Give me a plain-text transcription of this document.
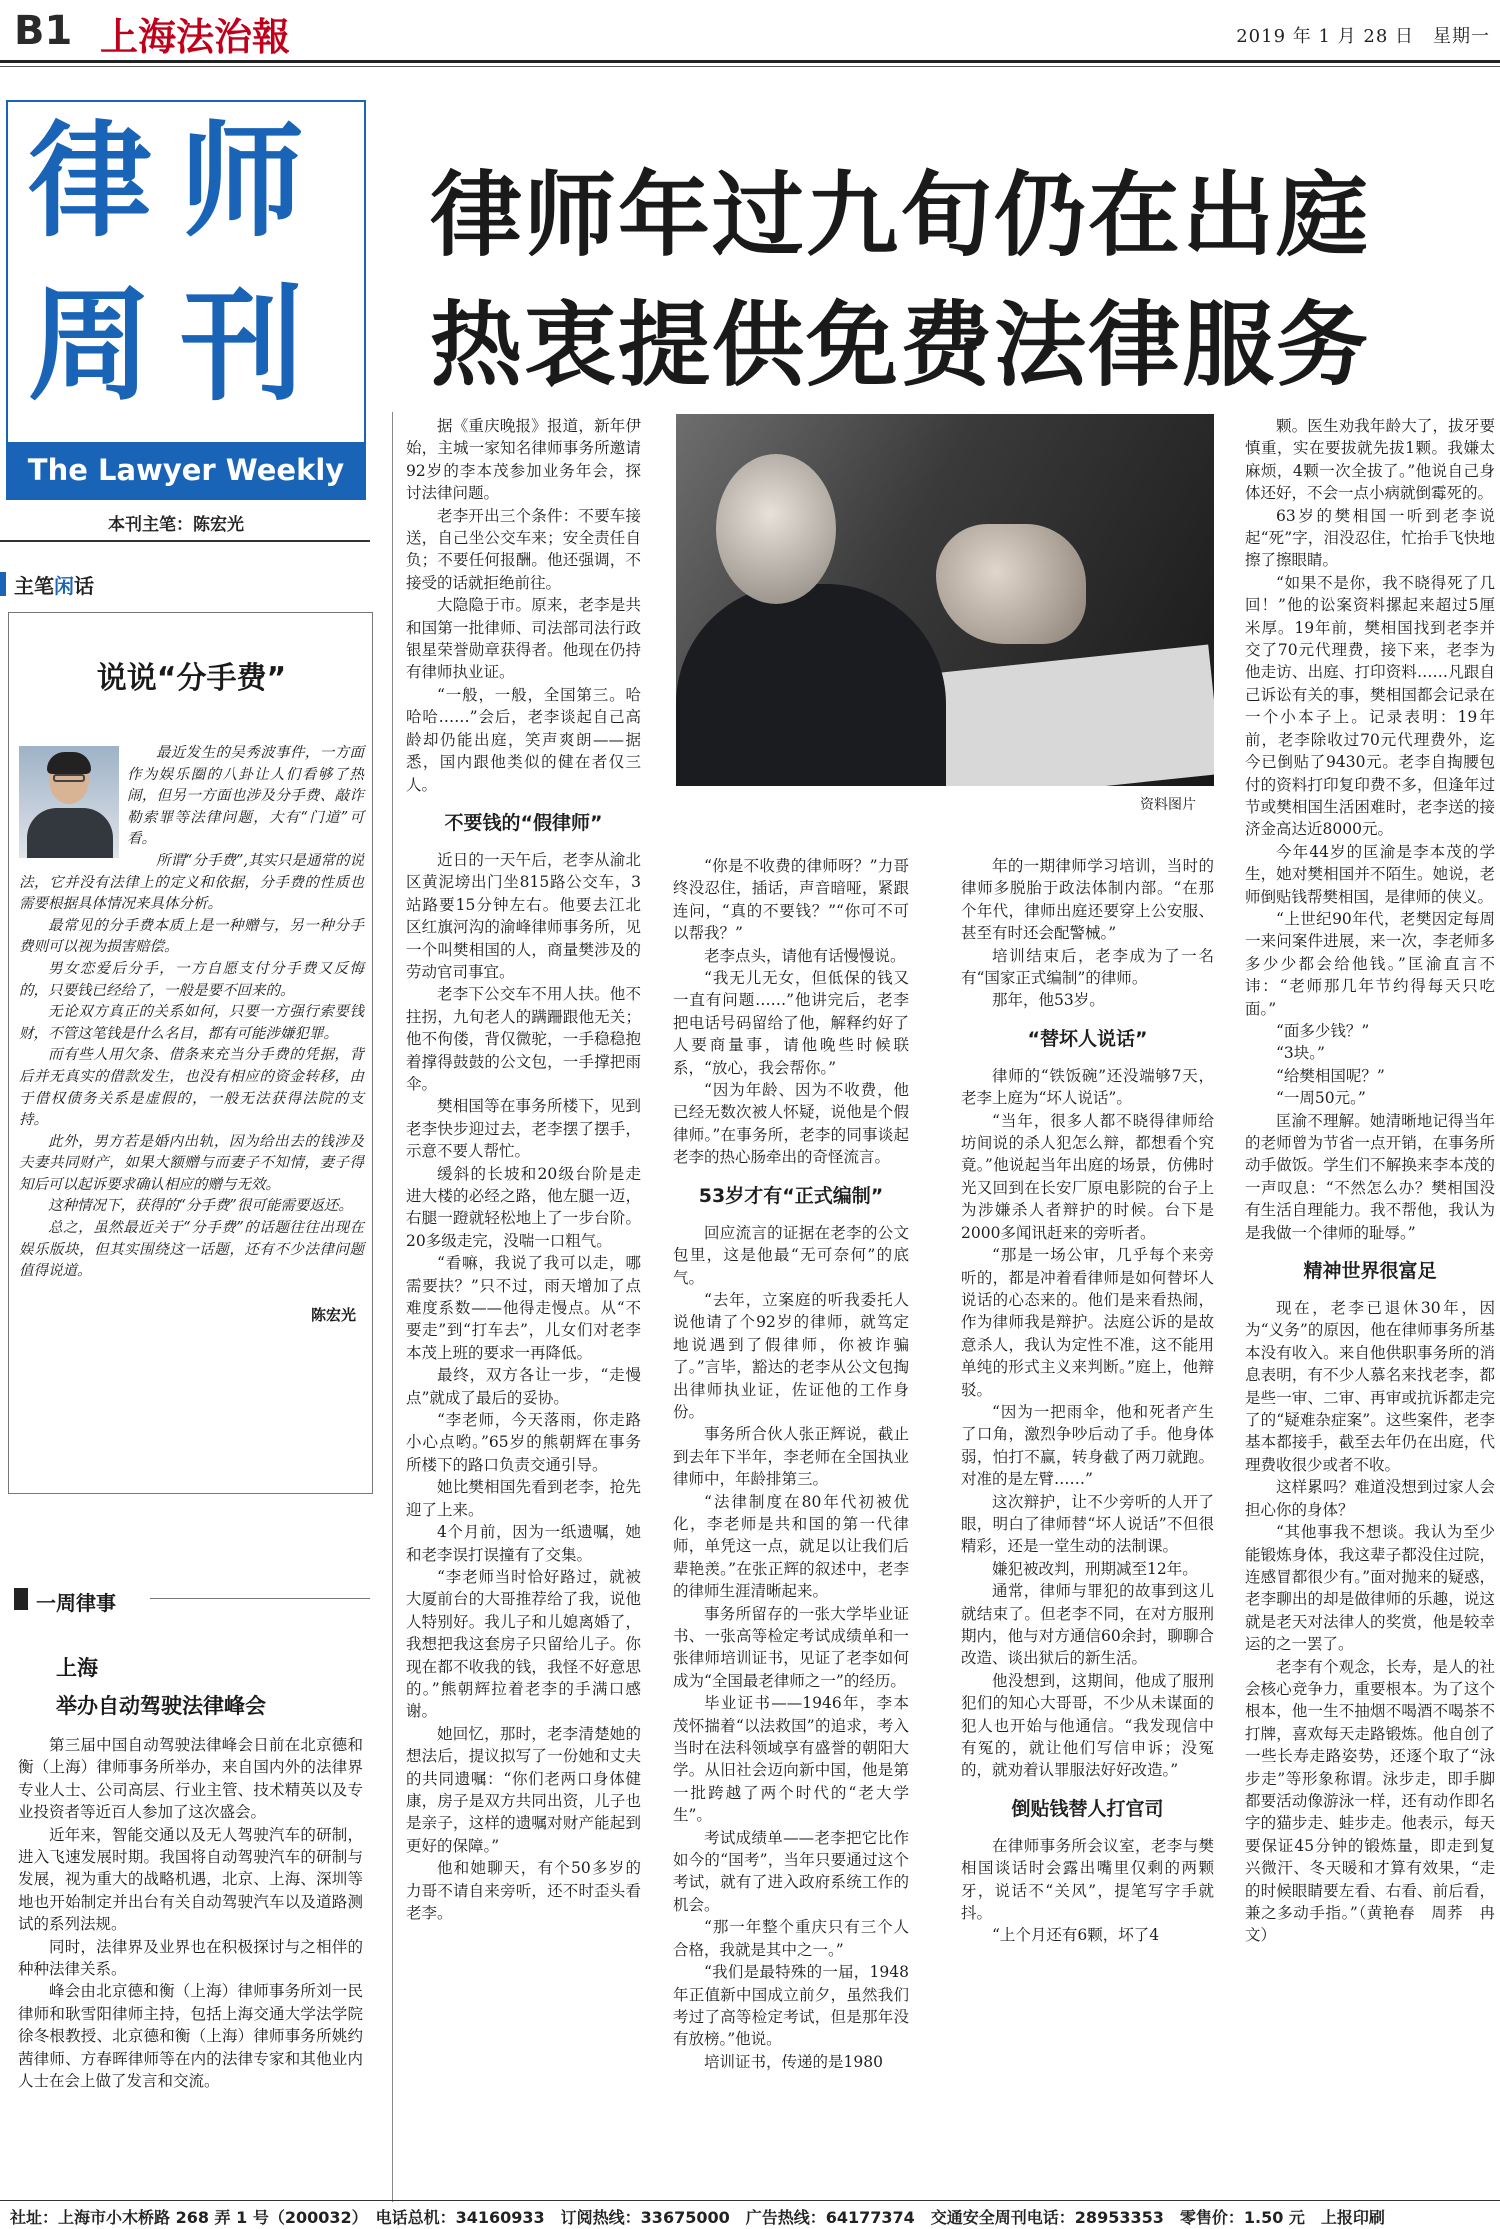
B1 上海法治報	2019 年 1 月 28 日　星期一
律师
周刊
The Lawyer Weekly
本刊主笔：陈宏光
律师年过九旬仍在出庭
热衷提供免费法律服务
主笔闲话
说说“分手费”

最近发生的吴秀波事件，一方面作为娱乐圈的八卦让人们看够了热闹，但另一方面也涉及分手费、敲诈勒索罪等法律问题，大有“门道”可看。

所谓“分手费”,其实只是通常的说法，它并没有法律上的定义和依据，分手费的性质也需要根据具体情况来具体分析。

最常见的分手费本质上是一种赠与，另一种分手费则可以视为损害赔偿。

男女恋爱后分手，一方自愿支付分手费又反悔的，只要钱已经给了，一般是要不回来的。

无论双方真正的关系如何，只要一方强行索要钱财，不管这笔钱是什么名目，都有可能涉嫌犯罪。

而有些人用欠条、借条来充当分手费的凭据，背后并无真实的借款发生，也没有相应的资金转移，由于借权债务关系是虚假的，一般无法获得法院的支持。

此外，男方若是婚内出轨，因为给出去的钱涉及夫妻共同财产，如果大额赠与而妻子不知情，妻子得知后可以起诉要求确认相应的赠与无效。

这种情况下，获得的“分手费”很可能需要返还。

总之，虽然最近关于“分手费”的话题往往出现在娱乐版块，但其实围绕这一话题，还有不少法律问题值得说道。

陈宏光
一周律事
上海
举办自动驾驶法律峰会

第三届中国自动驾驶法律峰会日前在北京德和衡（上海）律师事务所举办，来自国内外的法律界专业人士、公司高层、行业主管、技术精英以及专业投资者等近百人参加了这次盛会。

近年来，智能交通以及无人驾驶汽车的研制，进入飞速发展时期。我国将自动驾驶汽车的研制与发展，视为重大的战略机遇，北京、上海、深圳等地也开始制定并出台有关自动驾驶汽车以及道路测试的系列法规。

同时，法律界及业界也在积极探讨与之相伴的种种法律关系。

峰会由北京德和衡（上海）律师事务所刘一民律师和耿雪阳律师主持，包括上海交通大学法学院徐冬根教授、北京德和衡（上海）律师事务所姚约茜律师、方春晖律师等在内的法律专家和其他业内人士在会上做了发言和交流。

据《重庆晚报》报道，新年伊始，主城一家知名律师事务所邀请92岁的李本茂参加业务年会，探讨法律问题。

老李开出三个条件：不要车接送，自己坐公交车来；安全责任自负；不要任何报酬。他还强调，不接受的话就拒绝前往。

大隐隐于市。原来，老李是共和国第一批律师、司法部司法行政银星荣誉勋章获得者。他现在仍持有律师执业证。

“一般，一般，全国第三。哈哈哈……”会后，老李谈起自己高龄却仍能出庭，笑声爽朗——据悉，国内跟他类似的健在者仅三人。

不要钱的“假律师”

近日的一天午后，老李从渝北区黄泥塝出门坐815路公交车，3站路要15分钟左右。他要去江北区红旗河沟的渝峰律师事务所，见一个叫樊相国的人，商量樊涉及的劳动官司事宜。

老李下公交车不用人扶。他不拄拐，九旬老人的蹒跚跟他无关；他不佝偻，背仅微驼，一手稳稳抱着撑得鼓鼓的公文包，一手撑把雨伞。

樊相国等在事务所楼下，见到老李快步迎过去，老李摆了摆手，示意不要人帮忙。

缓斜的长坡和20级台阶是走进大楼的必经之路，他左腿一迈，右腿一蹬就轻松地上了一步台阶。20多级走完，没喘一口粗气。

“看嘛，我说了我可以走，哪需要扶？”只不过，雨天增加了点难度系数——他得走慢点。从“不要走”到“打车去”，儿女们对老李本茂上班的要求一再降低。

最终，双方各让一步，“走慢点”就成了最后的妥协。

“李老师，今天落雨，你走路小心点哟。”65岁的熊朝辉在事务所楼下的路口负责交通引导。

她比樊相国先看到老李，抢先迎了上来。

4个月前，因为一纸遗嘱，她和老李误打误撞有了交集。

“李老师当时恰好路过，就被大厦前台的大哥推荐给了我，说他人特别好。我儿子和儿媳离婚了，我想把我这套房子只留给儿子。你现在都不收我的钱，我怪不好意思的。”熊朝辉拉着老李的手满口感谢。

她回忆，那时，老李清楚她的想法后，提议拟写了一份她和丈夫的共同遗嘱：“你们老两口身体健康，房子是双方共同出资，儿子也是亲子，这样的遗嘱对财产能起到更好的保障。”

他和她聊天，有个50多岁的力哥不请自来旁听，还不时歪头看老李。

“你是不收费的律师呀？”力哥终没忍住，插话，声音暗哑，紧跟连问，“真的不要钱？”“你可不可以帮我？”

老李点头，请他有话慢慢说。

“我无儿无女，但低保的钱又一直有问题……”他讲完后，老李把电话号码留给了他，解释约好了人要商量事，请他晚些时候联系，“放心，我会帮你。”

“因为年龄、因为不收费，他已经无数次被人怀疑，说他是个假律师。”在事务所，老李的同事谈起老李的热心肠牵出的奇怪流言。

53岁才有“正式编制”

回应流言的证据在老李的公文包里，这是他最“无可奈何”的底气。

“去年，立案庭的听我委托人说他请了个92岁的律师，就笃定地说遇到了假律师，你被诈骗了。”言毕，豁达的老李从公文包掏出律师执业证，佐证他的工作身份。

事务所合伙人张正辉说，截止到去年下半年，李老师在全国执业律师中，年龄排第三。

“法律制度在80年代初被优化，李老师是共和国的第一代律师，单凭这一点，就足以让我们后辈艳羡。”在张正辉的叙述中，老李的律师生涯清晰起来。

事务所留存的一张大学毕业证书、一张高等检定考试成绩单和一张律师培训证书，见证了老李如何成为“全国最老律师之一”的经历。

毕业证书——1946年，李本茂怀揣着“以法救国”的追求，考入当时在法科领域享有盛誉的朝阳大学。从旧社会迈向新中国，他是第一批跨越了两个时代的“老大学生”。

考试成绩单——老李把它比作如今的“国考”，当年只要通过这个考试，就有了进入政府系统工作的机会。

“那一年整个重庆只有三个人合格，我就是其中之一。”

“我们是最特殊的一届，1948年正值新中国成立前夕，虽然我们考过了高等检定考试，但是那年没有放榜。”他说。

培训证书，传递的是1980

年的一期律师学习培训，当时的律师多脱胎于政法体制内部。“在那个年代，律师出庭还要穿上公安服、甚至有时还会配警械。”

培训结束后，老李成为了一名有“国家正式编制”的律师。

那年，他53岁。

“替坏人说话”

律师的“铁饭碗”还没端够7天，老李上庭为“坏人说话”。

“当年，很多人都不晓得律师给坊间说的杀人犯怎么辩，都想看个究竟。”他说起当年出庭的场景，仿佛时光又回到在长安厂原电影院的台子上为涉嫌杀人者辩护的时候。台下是2000多闻讯赶来的旁听者。

“那是一场公审，几乎每个来旁听的，都是冲着看律师是如何替坏人说话的心态来的。他们是来看热闹，作为律师我是辩护。法庭公诉的是故意杀人，我认为定性不准，这不能用单纯的形式主义来判断。”庭上，他辩驳。

“因为一把雨伞，他和死者产生了口角，激烈争吵后动了手。他身体弱，怕打不赢，转身截了两刀就跑。对准的是左臂……”

这次辩护，让不少旁听的人开了眼，明白了律师替“坏人说话”不但很精彩，还是一堂生动的法制课。

嫌犯被改判，刑期减至12年。

通常，律师与罪犯的故事到这儿就结束了。但老李不同，在对方服刑期内，他与对方通信60余封，聊聊合改造、谈出狱后的新生活。

他没想到，这期间，他成了服刑犯们的知心大哥哥，不少从未谋面的犯人也开始与他通信。“我发现信中有冤的，就让他们写信申诉；没冤的，就劝着认罪服法好好改造。”

倒贴钱替人打官司

在律师事务所会议室，老李与樊相国谈话时会露出嘴里仅剩的两颗牙，说话不“关风”，提笔写字手就抖。

“上个月还有6颗，坏了4

颗。医生劝我年龄大了，拔牙要慎重，实在要拔就先拔1颗。我嫌太麻烦，4颗一次全拔了。”他说自己身体还好，不会一点小病就倒霉死的。

63岁的樊相国一听到老李说起“死”字，泪没忍住，忙抬手飞快地擦了擦眼睛。

“如果不是你，我不晓得死了几回！”他的讼案资料摞起来超过5厘米厚。19年前，樊相国找到老李并交了70元代理费，接下来，老李为他走访、出庭、打印资料……凡跟自己诉讼有关的事，樊相国都会记录在一个小本子上。记录表明：19年前，老李除收过70元代理费外，迄今已倒贴了9430元。老李自掏腰包付的资料打印复印费不多，但逢年过节或樊相国生活困难时，老李送的接济金高达近8000元。

今年44岁的匡渝是李本茂的学生，她对樊相国并不陌生。她说，老师倒贴钱帮樊相国，是律师的侠义。

“上世纪90年代，老樊因定每周一来问案件进展，来一次，李老师多多少少都会给他钱。”匡渝直言不讳：“老师那几年节约得每天只吃面。”

“面多少钱？”

“3块。”

“给樊相国呢？”

“一周50元。”

匡渝不理解。她清晰地记得当年的老师曾为节省一点开销，在事务所动手做饭。学生们不解换来李本茂的一声叹息：“不然怎么办？樊相国没有生活自理能力。我不帮他，我认为是我做一个律师的耻辱。”

精神世界很富足

现在，老李已退休30年，因为“义务”的原因，他在律师事务所基本没有收入。来自他供职事务所的消息表明，有不少人慕名来找老李，都是些一审、二审、再审或抗诉都走完了的“疑难杂症案”。这些案件，老李基本都接手，截至去年仍在出庭，代理费收很少或者不收。

这样累吗？难道没想到过家人会担心你的身体？

“其他事我不想谈。我认为至少能锻炼身体，我这辈子都没住过院，连感冒都很少有。”面对抛来的疑惑，老李聊出的却是做律师的乐趣，说这就是老天对法律人的奖赏，他是较幸运的之一罢了。

老李有个观念，长寿，是人的社会核心竞争力，重要根本。为了这个根本，他一生不抽烟不喝酒不喝茶不打牌，喜欢每天走路锻炼。他自创了一些长寿走路姿势，还逐个取了“泳步走”等形象称谓。泳步走，即手脚都要活动像游泳一样，还有动作即名字的猫步走、蛙步走。他表示，每天要保证45分钟的锻炼量，即走到复兴微汗、冬天暖和才算有效果，“走的时候眼睛要左看、右看、前后看，兼之多动手指。”（黄艳春　周荞　冉文）

资料图片
社址：上海市小木桥路 268 弄 1 号（200032）　电话总机：34160933　订阅热线：33675000　广告热线：64177374　交通安全周刊电话：28953353　零售价：1.50 元　上报印刷
